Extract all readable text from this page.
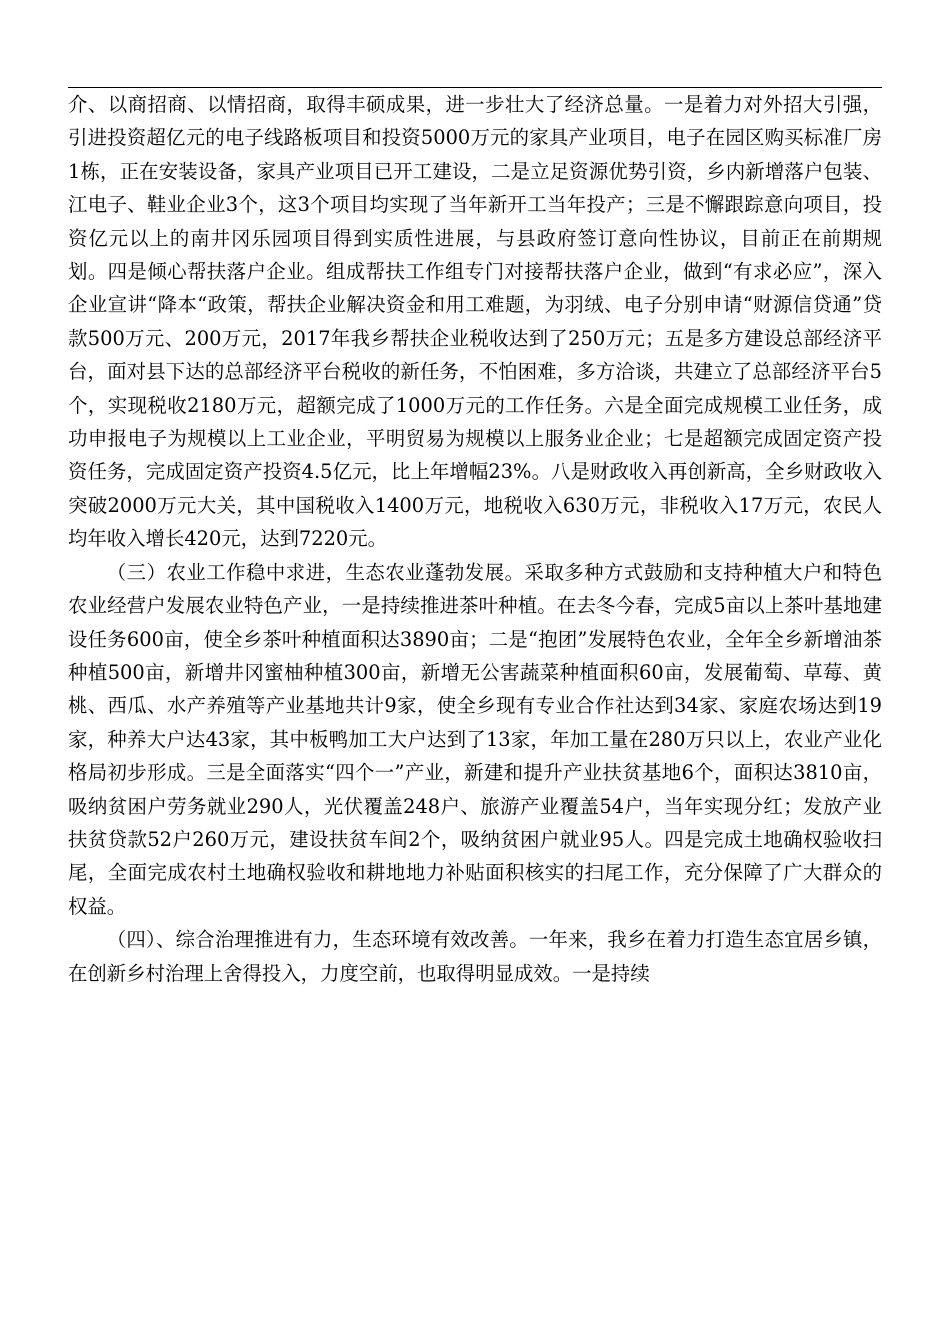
介、以商招商、以情招商，取得丰硕成果，进一步壮大了经济总量。一是着力对外招大引强，引进投资超亿元的电子线路板项目和投资5000万元的家具产业项目，电子在园区购买标准厂房1栋，正在安装设备，家具产业项目已开工建设，二是立足资源优势引资，乡内新增落户包装、江电子、鞋业企业3个，这3个项目均实现了当年新开工当年投产；三是不懈跟踪意向项目，投资亿元以上的南井冈乐园项目得到实质性进展，与县政府签订意向性协议，目前正在前期规划。四是倾心帮扶落户企业。组成帮扶工作组专门对接帮扶落户企业，做到“有求必应”，深入企业宣讲“降本“政策，帮扶企业解决资金和用工难题，为羽绒、电子分别申请“财源信贷通”贷款500万元、200万元，2017年我乡帮扶企业税收达到了250万元；五是多方建设总部经济平台，面对县下达的总部经济平台税收的新任务，不怕困难，多方洽谈，共建立了总部经济平台5个，实现税收2180万元，超额完成了1000万元的工作任务。六是全面完成规模工业任务，成功申报电子为规模以上工业企业，平明贸易为规模以上服务业企业；七是超额完成固定资产投资任务，完成固定资产投资4.5亿元，比上年增幅23%。八是财政收入再创新高，全乡财政收入突破2000万元大关，其中国税收入1400万元，地税收入630万元，非税收入17万元，农民人均年收入增长420元，达到7220元。

（三）农业工作稳中求进，生态农业蓬勃发展。采取多种方式鼓励和支持种植大户和特色农业经营户发展农业特色产业，一是持续推进茶叶种植。在去冬今春，完成5亩以上茶叶基地建设任务600亩，使全乡茶叶种植面积达3890亩；二是“抱团”发展特色农业，全年全乡新增油茶种植500亩，新增井冈蜜柚种植300亩，新增无公害蔬菜种植面积60亩，发展葡萄、草莓、黄桃、西瓜、水产养殖等产业基地共计9家，使全乡现有专业合作社达到34家、家庭农场达到19家，种养大户达43家，其中板鸭加工大户达到了13家，年加工量在280万只以上，农业产业化格局初步形成。三是全面落实“四个一”产业，新建和提升产业扶贫基地6个，面积达3810亩，吸纳贫困户劳务就业290人，光伏覆盖248户、旅游产业覆盖54户，当年实现分红；发放产业扶贫贷款52户260万元，建设扶贫车间2个，吸纳贫困户就业95人。四是完成土地确权验收扫尾，全面完成农村土地确权验收和耕地地力补贴面积核实的扫尾工作，充分保障了广大群众的权益。

（四）、综合治理推进有力，生态环境有效改善。一年来，我乡在着力打造生态宜居乡镇，在创新乡村治理上舍得投入，力度空前，也取得明显成效。一是持续
